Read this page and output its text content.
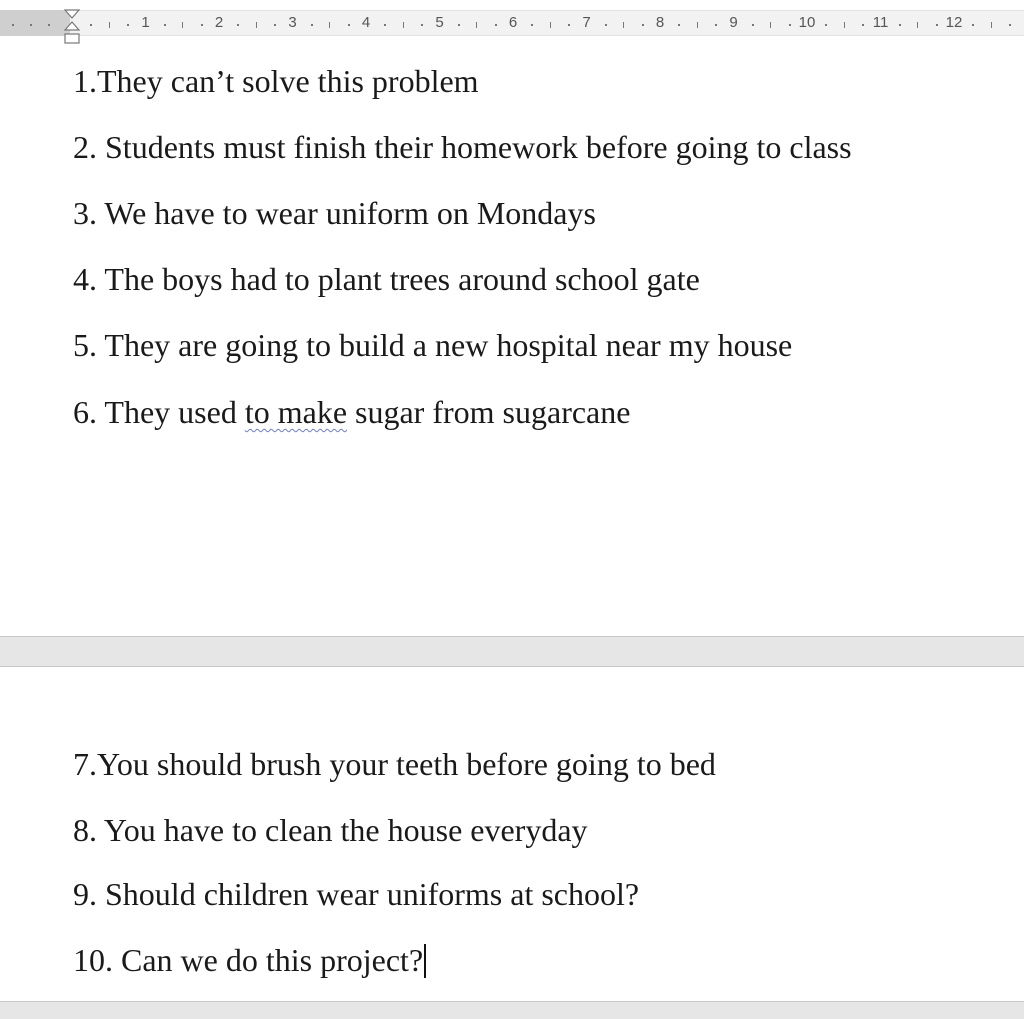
1	2	3	4	5	6	7	8	9	10	11	12
1.They can’t solve this problem
2. Students must finish their homework before going to class
3. We have to wear uniform on Mondays
4. The boys had to plant trees around school gate
5. They are going to build a new hospital near my house
6. They used to make sugar from sugarcane
7.You should brush your teeth before going to bed
8. You have to clean the house everyday
9. Should children wear uniforms at school?
10. Can we do this project?
